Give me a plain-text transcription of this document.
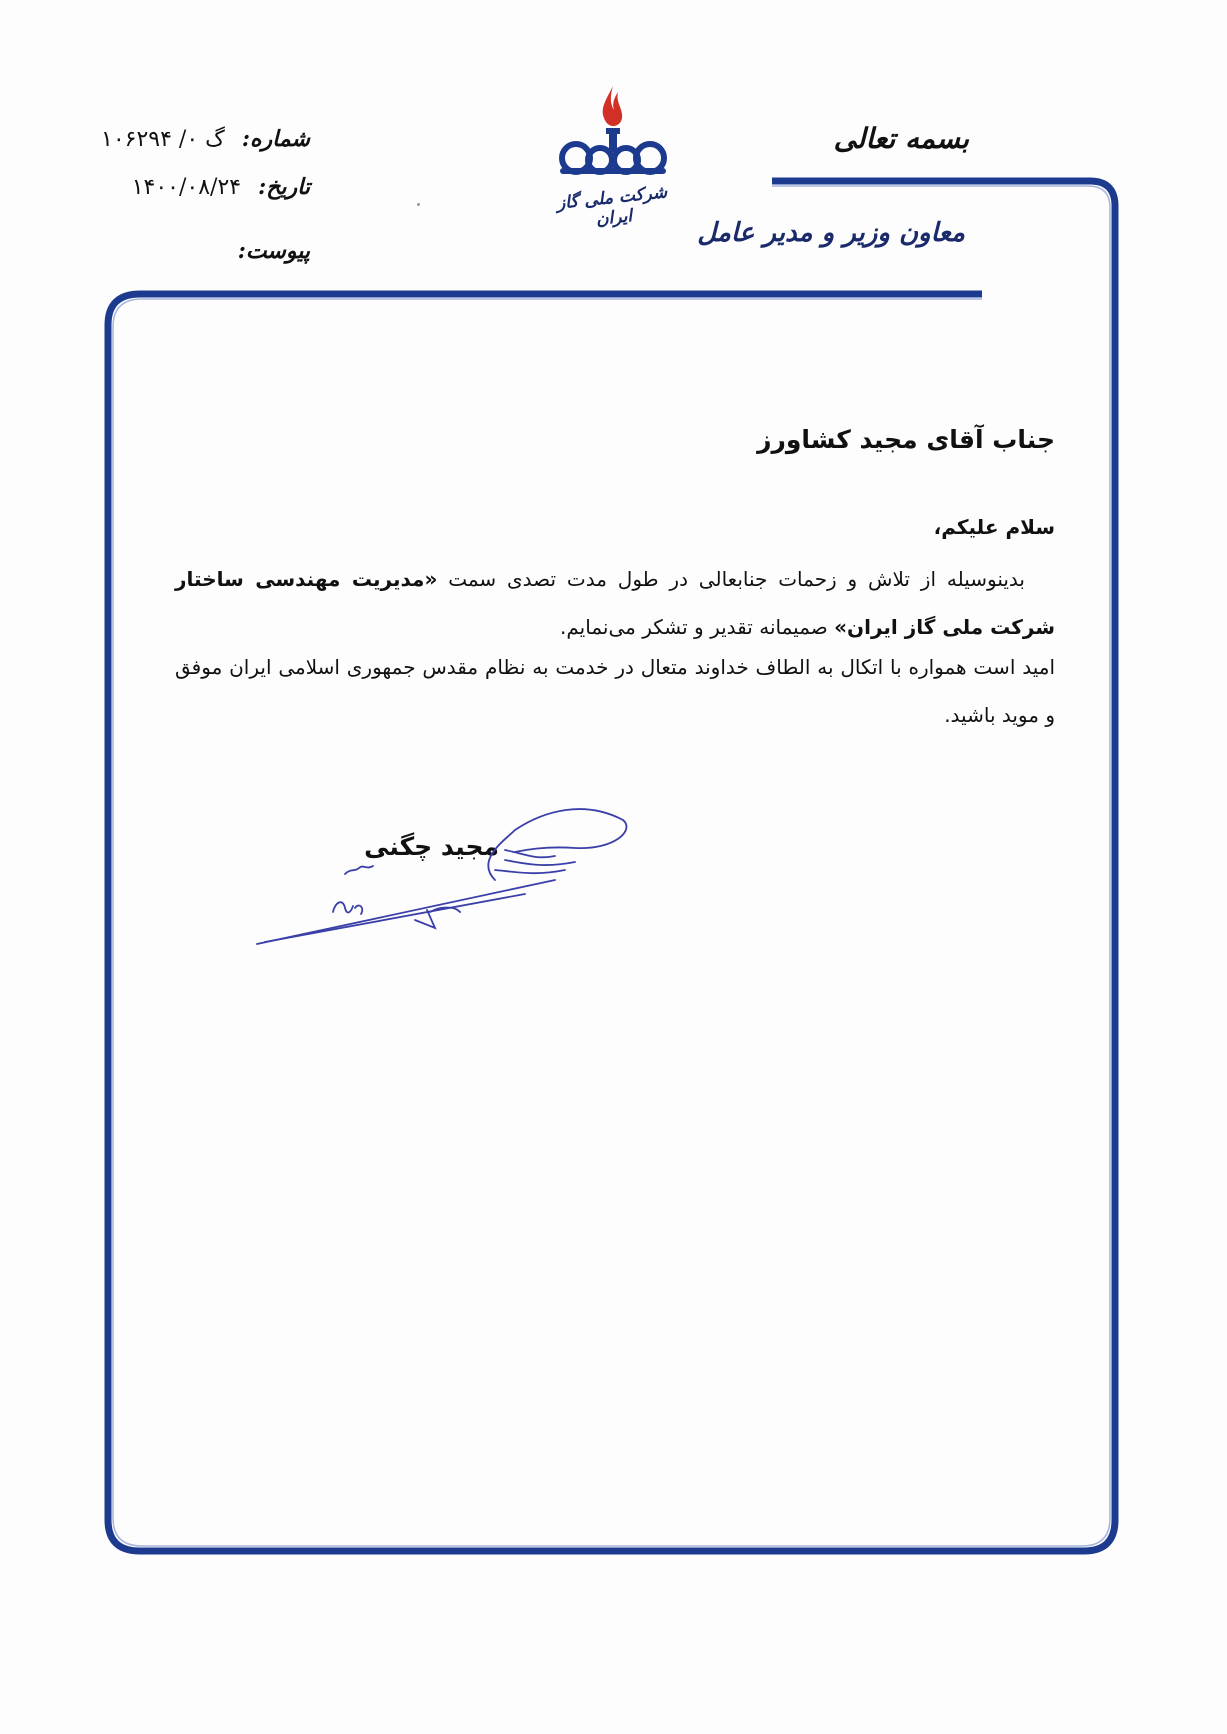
شرکت ملی گاز ایران
شماره: گ ۰/ ۱۰۶۲۹۴
تاریخ: ۱۴۰۰/۰۸/۲۴
پیوست:
بسمه تعالی
معاون وزیر و مدیر عامل
جناب آقای مجید کشاورز
سلام علیکم،
بدینوسیله از تلاش و زحمات جنابعالی در طول مدت تصدی سمت «مدیریت مهندسی ساختار شرکت ملی گاز ایران» صمیمانه تقدیر و تشکر می‌نمایم.
امید است همواره با اتکال به الطاف خداوند متعال در خدمت به نظام مقدس جمهوری اسلامی ایران موفق و موید باشید.
مجید چگنی
